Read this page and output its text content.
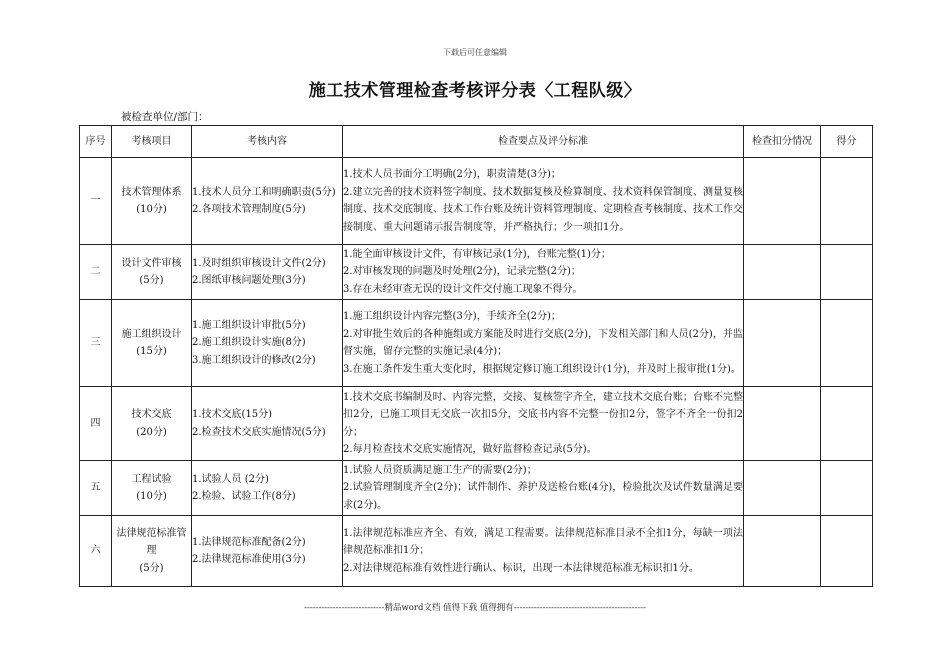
下载后可任意编辑
施工技术管理检查考核评分表〈工程队级〉
被检查单位/部门：
序号	考核项目	考核内容	检查要点及评分标准	检查扣分情况	得分
一	技术管理体系
(10分)	1.技术人员分工和明确职责(5分)
2.各项技术管理制度(5分)	1.技术人员书面分工明确(2分)，职责清楚(3分)；
2.建立完善的技术资料签字制度、技术数据复核及检算制度、技术资料保管制度、测量复核制度、技术交底制度、技术工作台账及统计资料管理制度、定期检查考核制度、技术工作交接制度、重大问题请示报告制度等，并严格执行；少一项扣1分。		

二	设计文件审核
(5分)	1.及时组织审核设计文件(2分)
2.图纸审核问题处理(3分)	1.能全面审核设计文件，有审核记录(1分)，台账完整(1)分；
2.对审核发现的问题及时处理(2分)，记录完整(2分)；
3.存在未经审查无误的设计文件交付施工现象不得分。		

三	施工组织设计
(15分)	1.施工组织设计审批(5分)
2.施工组织设计实施(8分)
3.施工组织设计的修改(2分)	1.施工组织设计内容完整(3分)，手续齐全(2分)；
2.对审批生效后的各种施组或方案能及时进行交底(2分)，下发相关部门和人员(2分)，并监督实施，留存完整的实施记录(4分)；
3.在施工条件发生重大变化时，根据规定修订施工组织设计(1分)，并及时上报审批(1分)。		

四	技术交底
(20分)	1.技术交底(15分)
2.检查技术交底实施情况(5分)	1.技术交底书编制及时、内容完整，交接、复核签字齐全，建立技术交底台账；台账不完整扣2分，已施工项目无交底一次扣5分，交底书内容不完整一份扣2分，签字不齐全一份扣2分；
2.每月检查技术交底实施情况，做好监督检查记录(5分)。		

五	工程试验
(10分)	1.试验人员 (2分)
2.检验、试验工作(8分)	1.试验人员资质满足施工生产的需要(2分)；
2.试验管理制度齐全(2分)；试件制作、养护及送检台账(4分)，检验批次及试件数量满足要求(2分)。		

六	法律规范标准管理
(5分)	1.法律规范标准配备(2分)
2.法律规范标准使用(3分)	1.法律规范标准应齐全、有效，满足工程需要。法律规范标准目录不全扣1分，每缺一项法律规范标准扣1分；
2.对法律规范标准有效性进行确认、标识，出现一本法律规范标准无标识扣1分。		

----------------------------精品word文档 值得下载 值得拥有----------------------------------------------
